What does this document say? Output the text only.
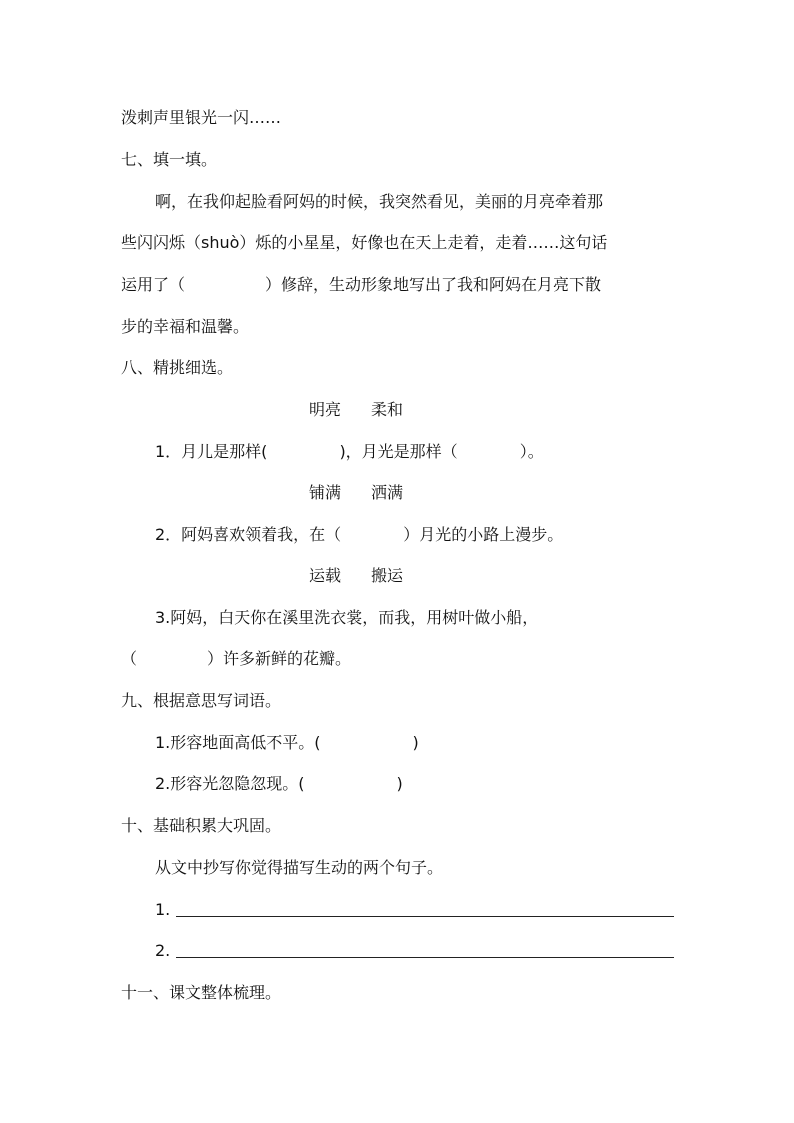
泼刺声里银光一闪……
七、填一填。
啊，在我仰起脸看阿妈的时候，我突然看见，美丽的月亮牵着那
些闪闪烁（shuò）烁的小星星，好像也在天上走着，走着……这句话
运用了（	）修辞，生动形象地写出了我和阿妈在月亮下散
步的幸福和温馨。
八、精挑细选。
明亮 柔和
1．月儿是那样(	)，月光是那样（	）。
铺满 洒满
2．阿妈喜欢领着我，在（	）月光的小路上漫步。
运载 搬运
3.阿妈，白天你在溪里洗衣裳，而我，用树叶做小船，
（	）许多新鲜的花瓣。
九、根据意思写词语。
1.形容地面高低不平。(	)
2.形容光忽隐忽现。(	)
十、基础积累大巩固。
从文中抄写你觉得描写生动的两个句子。
1.
2.
十一、课文整体梳理。
